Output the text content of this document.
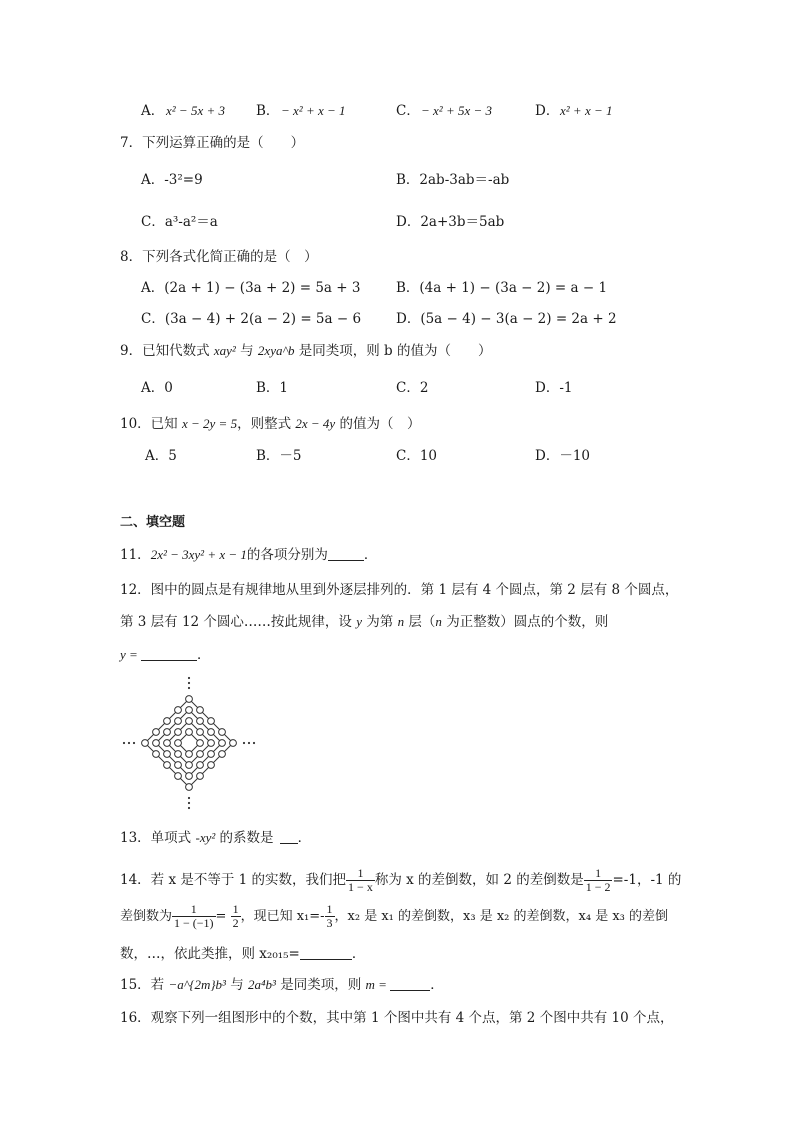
A． x² − 5x + 3 B． − x² + x − 1	C． − x² + 5x − 3	D． x² + x − 1
7．下列运算正确的是（　　）
A．-3²=9	B．2ab-3ab＝-ab
C．a³-a²＝a	D．2a+3b＝5ab
8．下列各式化简正确的是（　）
A．(2a + 1) − (3a + 2) = 5a + 3	B．(4a + 1) − (3a − 2) = a − 1
C．(3a − 4) + 2(a − 2) = 5a − 6	D．(5a − 4) − 3(a − 2) = 2a + 2
9．已知代数式 xay² 与 2xya^b 是同类项，则 b 的值为（　　）
A．0	B．1	C．2	D．-1
10．已知 x − 2y = 5，则整式 2x − 4y 的值为（　）
A．5	B．－5	C．10	D．－10
二、填空题
11．2x² − 3xy² + x − 1的各项分别为	．
12．图中的圆点是有规律地从里到外逐层排列的．第 1 层有 4 个圆点，第 2 层有 8 个圆点，
第 3 层有 12 个圆心……按此规律，设 y 为第 n 层（n 为正整数）圆点的个数，则
y =	．
13．单项式 -xy² 的系数是 ．
14．若 x 是不等于 1 的实数，我们把 $\frac{1}{1 - x}$ 称为 x 的差倒数，如 2 的差倒数是 $\frac{1}{1 - 2} =-1$，-1 的
差倒数为 $\frac{1}{1 - (-1)} = \frac{1}{2}$ ，现已知 $x_1=- \frac{1}{3}$ ，x₂ 是 x₁ 的差倒数，x₃ 是 x₂ 的差倒数，x₄ 是 x₃ 的差倒
数，…，依此类推，则 x₂₀₁₅=	．
15．若 −a^{2m}b³ 与 2a⁴b³ 是同类项，则 m =	．
16．观察下列一组图形中的个数，其中第 1 个图中共有 4 个点，第 2 个图中共有 10 个点，
